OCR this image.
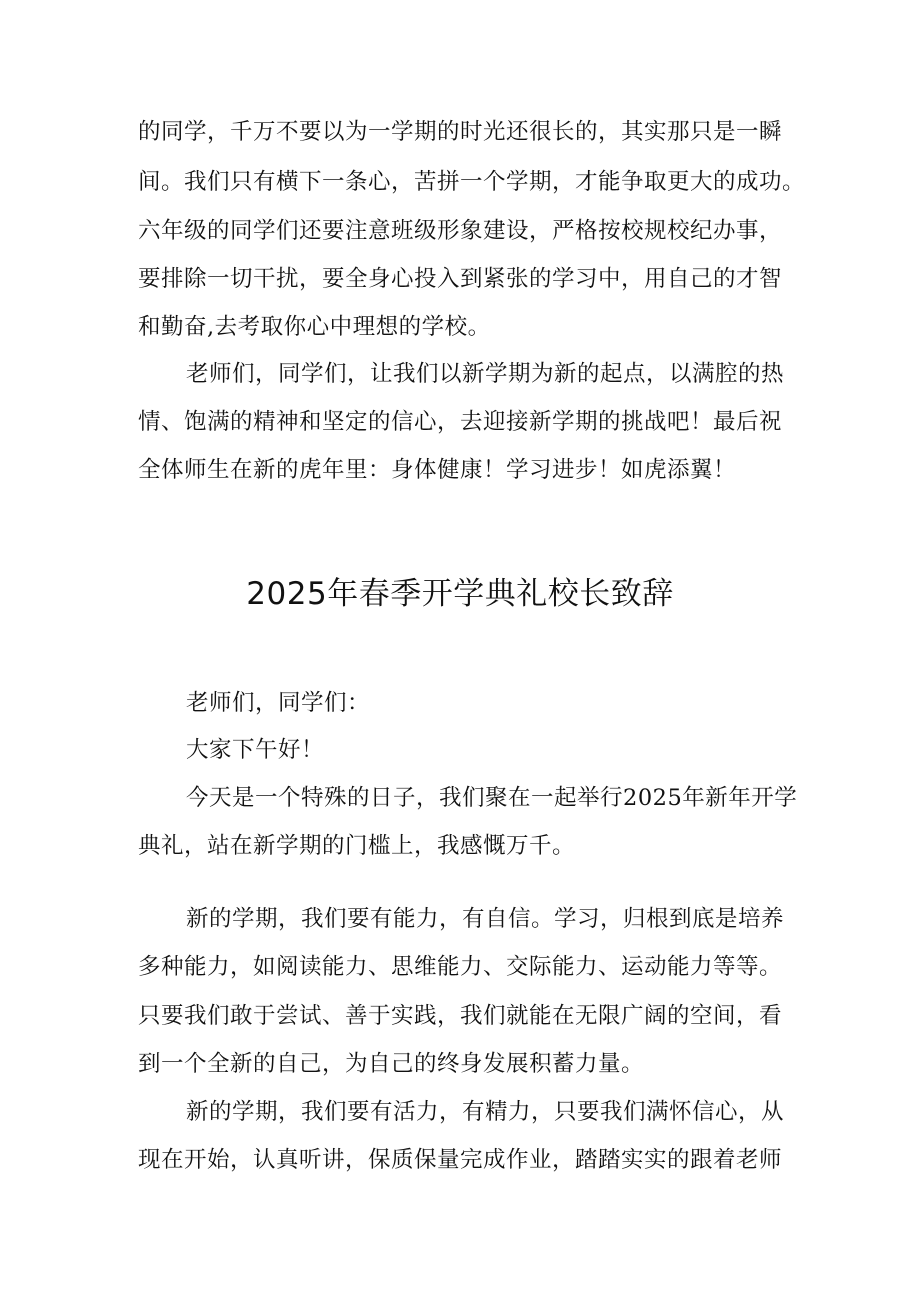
的同学，千万不要以为一学期的时光还很长的，其实那只是一瞬
间。我们只有横下一条心，苦拼一个学期，才能争取更大的成功。
六年级的同学们还要注意班级形象建设，严格按校规校纪办事，
要排除一切干扰，要全身心投入到紧张的学习中，用自己的才智
和勤奋,去考取你心中理想的学校。
老师们，同学们，让我们以新学期为新的起点，以满腔的热
情、饱满的精神和坚定的信心，去迎接新学期的挑战吧！最后祝
全体师生在新的虎年里：身体健康！学习进步！如虎添翼！
2025年春季开学典礼校长致辞
老师们，同学们：
大家下午好！
今天是一个特殊的日子，我们聚在一起举行2025年新年开学
典礼，站在新学期的门槛上，我感慨万千。
新的学期，我们要有能力，有自信。学习，归根到底是培养
多种能力，如阅读能力、思维能力、交际能力、运动能力等等。
只要我们敢于尝试、善于实践，我们就能在无限广阔的空间，看
到一个全新的自己，为自己的终身发展积蓄力量。
新的学期，我们要有活力，有精力，只要我们满怀信心，从
现在开始，认真听讲，保质保量完成作业，踏踏实实的跟着老师
